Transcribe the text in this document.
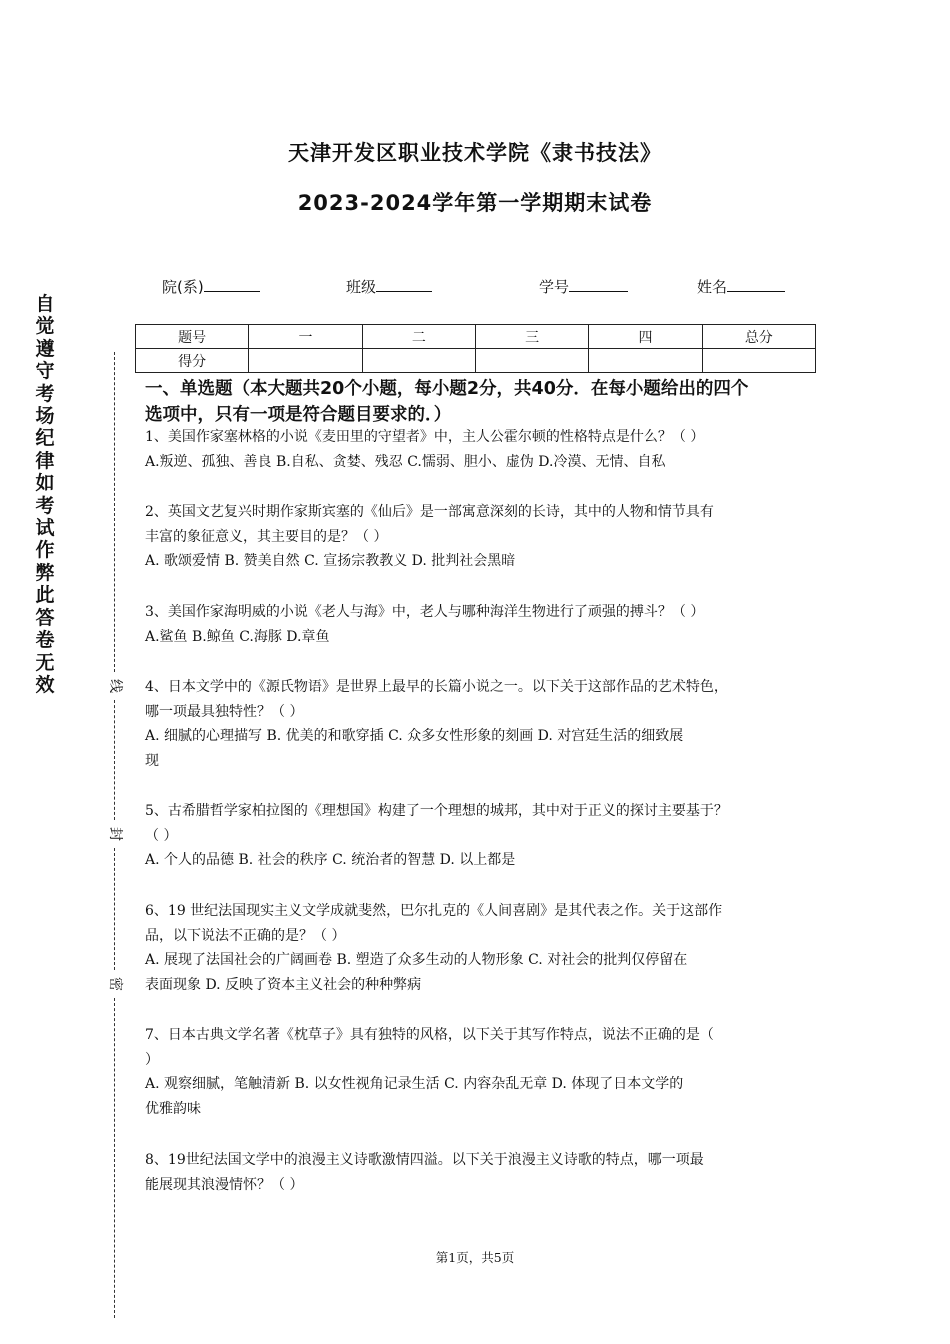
天津开发区职业技术学院《隶书技法》
2023-2024学年第一学期期末试卷
院(系)	班级	学号	姓名
题号	一	二	三	四	总分
得分					
自觉遵守考场纪律如考试作弊此答卷无效	线
封
密
一、单选题（本大题共20个小题，每小题2分，共40分．在每小题给出的四个
选项中，只有一项是符合题目要求的．）
1、美国作家塞林格的小说《麦田里的守望者》中，主人公霍尔顿的性格特点是什么？（ ）
A.叛逆、孤独、善良 B.自私、贪婪、残忍 C.懦弱、胆小、虚伪 D.冷漠、无情、自私
2、英国文艺复兴时期作家斯宾塞的《仙后》是一部寓意深刻的长诗，其中的人物和情节具有
丰富的象征意义，其主要目的是？（ ）
A. 歌颂爱情 B. 赞美自然 C. 宣扬宗教教义 D. 批判社会黑暗
3、美国作家海明威的小说《老人与海》中，老人与哪种海洋生物进行了顽强的搏斗？（ ）
A.鲨鱼 B.鲸鱼 C.海豚 D.章鱼
4、日本文学中的《源氏物语》是世界上最早的长篇小说之一。以下关于这部作品的艺术特色，
哪一项最具独特性？（ ）
A. 细腻的心理描写 B. 优美的和歌穿插 C. 众多女性形象的刻画 D. 对宫廷生活的细致展
现
5、古希腊哲学家柏拉图的《理想国》构建了一个理想的城邦，其中对于正义的探讨主要基于？
（ ）
A. 个人的品德 B. 社会的秩序 C. 统治者的智慧 D. 以上都是
6、19 世纪法国现实主义文学成就斐然，巴尔扎克的《人间喜剧》是其代表之作。关于这部作
品，以下说法不正确的是？（ ）
A. 展现了法国社会的广阔画卷 B. 塑造了众多生动的人物形象 C. 对社会的批判仅停留在
表面现象 D. 反映了资本主义社会的种种弊病
7、日本古典文学名著《枕草子》具有独特的风格，以下关于其写作特点，说法不正确的是（
）
A. 观察细腻，笔触清新 B. 以女性视角记录生活 C. 内容杂乱无章 D. 体现了日本文学的
优雅韵味
8、19世纪法国文学中的浪漫主义诗歌激情四溢。以下关于浪漫主义诗歌的特点，哪一项最
能展现其浪漫情怀？（ ）
第1页，共5页
